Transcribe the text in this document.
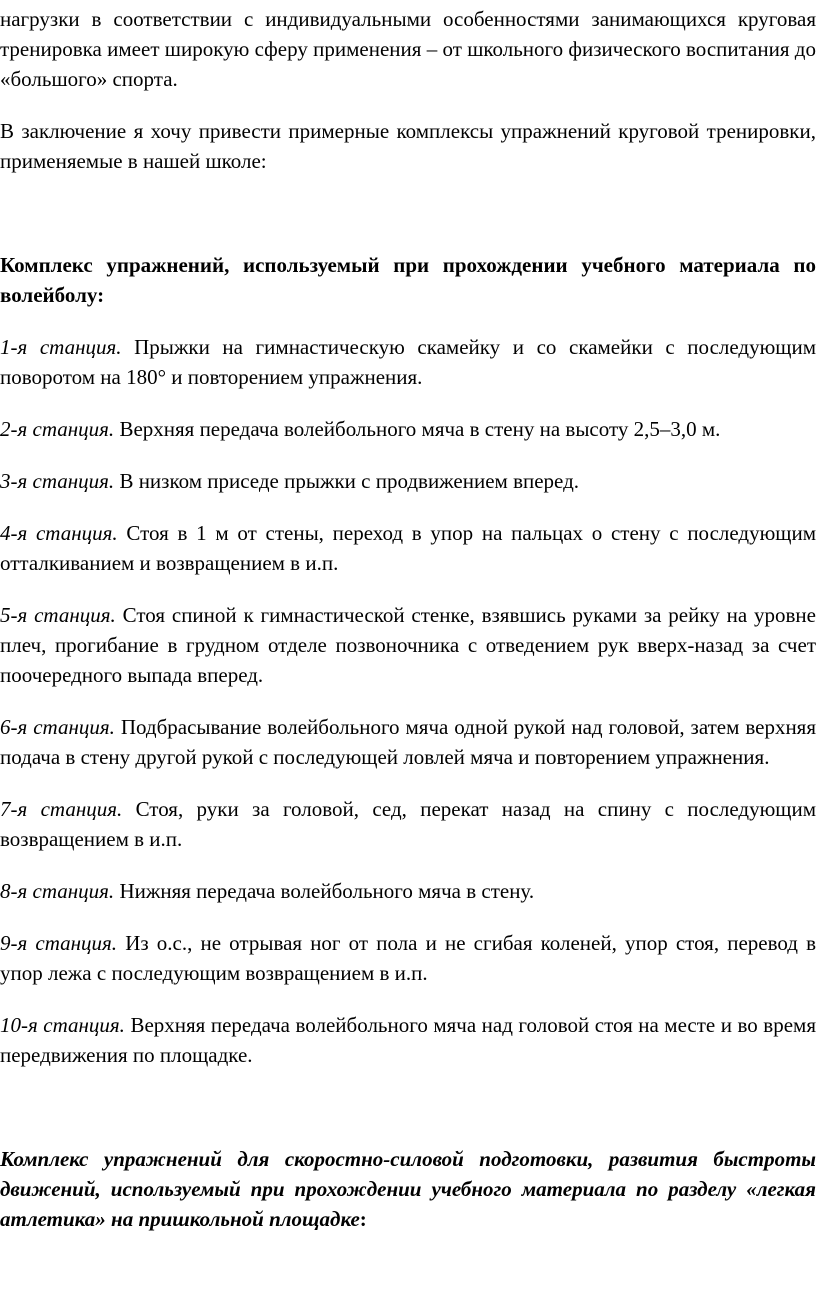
нагрузки в соответствии с индивидуальными особенностями занимающихся круговая тренировка имеет широкую сферу применения – от школьного физического воспитания до «большого» спорта.

В заключение я хочу привести примерные комплексы упражнений круговой тренировки, применяемые в нашей школе:

Комплекс упражнений, используемый при прохождении учебного материала по волейболу:

1-я станция. Прыжки на гимнастическую скамейку и со скамейки с последующим поворотом на 180° и повторением упражнения.

2-я станция. Верхняя передача волейбольного мяча в стену на высоту 2,5–3,0 м.

3-я станция. В низком приседе прыжки с продвижением вперед.

4-я станция. Стоя в 1 м от стены, переход в упор на пальцах о стену с последующим отталкиванием и возвращением в и.п.

5-я станция. Стоя спиной к гимнастической стенке, взявшись руками за рейку на уровне плеч, прогибание в грудном отделе позвоночника с отведением рук вверх-назад за счет поочередного выпада вперед.

6-я станция. Подбрасывание волейбольного мяча одной рукой над головой, затем верхняя подача в стену другой рукой с последующей ловлей мяча и повторением упражнения.

7-я станция. Стоя, руки за головой, сед, перекат назад на спину с последующим возвращением в и.п.

8-я станция. Нижняя передача волейбольного мяча в стену.

9-я станция. Из о.с., не отрывая ног от пола и не сгибая коленей, упор стоя, перевод в упор лежа с последующим возвращением в и.п.

10-я станция. Верхняя передача волейбольного мяча над головой стоя на месте и во время передвижения по площадке.

Комплекс упражнений для скоростно-силовой подготовки, развития быстроты движений, используемый при прохождении учебного материала по разделу «легкая атлетика» на пришкольной площадке:
